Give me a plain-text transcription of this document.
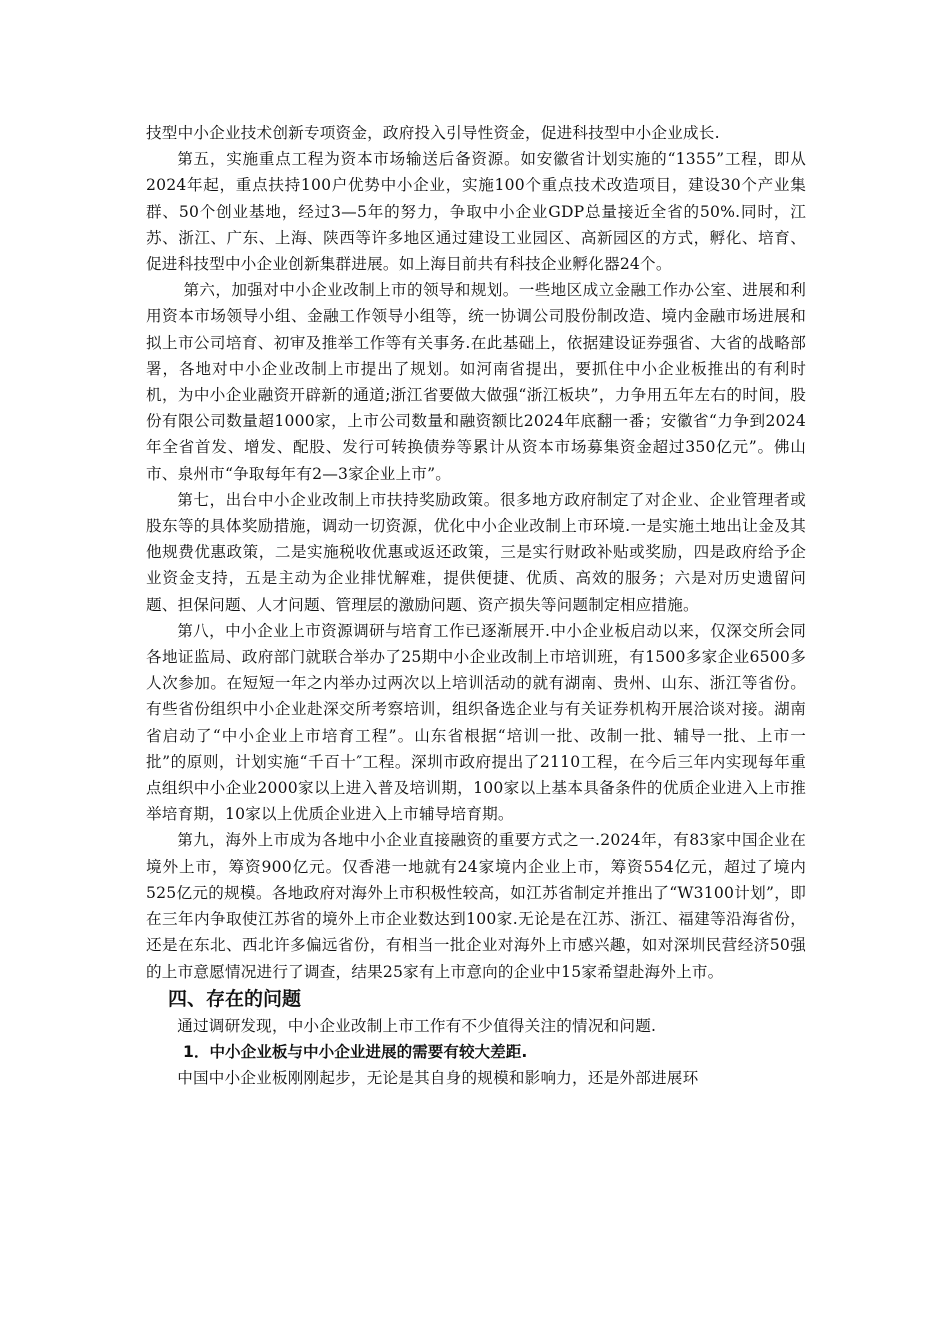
技型中小企业技术创新专项资金，政府投入引导性资金，促进科技型中小企业成长.

第五，实施重点工程为资本市场输送后备资源。如安徽省计划实施的“1355”工程，即从2024年起，重点扶持100户优势中小企业，实施100个重点技术改造项目，建设30个产业集群、50个创业基地，经过3—5年的努力，争取中小企业GDP总量接近全省的50%.同时，江苏、浙江、广东、上海、陕西等许多地区通过建设工业园区、高新园区的方式，孵化、培育、促进科技型中小企业创新集群进展。如上海目前共有科技企业孵化器24个。

第六，加强对中小企业改制上市的领导和规划。一些地区成立金融工作办公室、进展和利用资本市场领导小组、金融工作领导小组等，统一协调公司股份制改造、境内金融市场进展和拟上市公司培育、初审及推举工作等有关事务.在此基础上，依据建设证券强省、大省的战略部署，各地对中小企业改制上市提出了规划。如河南省提出，要抓住中小企业板推出的有利时机，为中小企业融资开辟新的通道;浙江省要做大做强“浙江板块”，力争用五年左右的时间，股份有限公司数量超1000家，上市公司数量和融资额比2024年底翻一番；安徽省“力争到2024年全省首发、增发、配股、发行可转换债券等累计从资本市场募集资金超过350亿元”。佛山市、泉州市“争取每年有2—3家企业上市”。

第七，出台中小企业改制上市扶持奖励政策。很多地方政府制定了对企业、企业管理者或股东等的具体奖励措施，调动一切资源，优化中小企业改制上市环境.一是实施土地出让金及其他规费优惠政策，二是实施税收优惠或返还政策，三是实行财政补贴或奖励，四是政府给予企业资金支持，五是主动为企业排忧解难，提供便捷、优质、高效的服务；六是对历史遗留问题、担保问题、人才问题、管理层的激励问题、资产损失等问题制定相应措施。

第八，中小企业上市资源调研与培育工作已逐渐展开.中小企业板启动以来，仅深交所会同各地证监局、政府部门就联合举办了25期中小企业改制上市培训班，有1500多家企业6500多人次参加。在短短一年之内举办过两次以上培训活动的就有湖南、贵州、山东、浙江等省份。有些省份组织中小企业赴深交所考察培训，组织备选企业与有关证券机构开展洽谈对接。湖南省启动了“中小企业上市培育工程”。山东省根据“培训一批、改制一批、辅导一批、上市一批”的原则，计划实施“千百十″工程。深圳市政府提出了2110工程，在今后三年内实现每年重点组织中小企业2000家以上进入普及培训期，100家以上基本具备条件的优质企业进入上市推举培育期，10家以上优质企业进入上市辅导培育期。

第九，海外上市成为各地中小企业直接融资的重要方式之一.2024年，有83家中国企业在境外上市，筹资900亿元。仅香港一地就有24家境内企业上市，筹资554亿元，超过了境内525亿元的规模。各地政府对海外上市积极性较高，如江苏省制定并推出了“W3100计划”，即在三年内争取使江苏省的境外上市企业数达到100家.无论是在江苏、浙江、福建等沿海省份，还是在东北、西北许多偏远省份，有相当一批企业对海外上市感兴趣，如对深圳民营经济50强的上市意愿情况进行了调查，结果25家有上市意向的企业中15家希望赴海外上市。

四、存在的问题

通过调研发现，中小企业改制上市工作有不少值得关注的情况和问题.

1．中小企业板与中小企业进展的需要有较大差距.

中国中小企业板刚刚起步，无论是其自身的规模和影响力，还是外部进展环
